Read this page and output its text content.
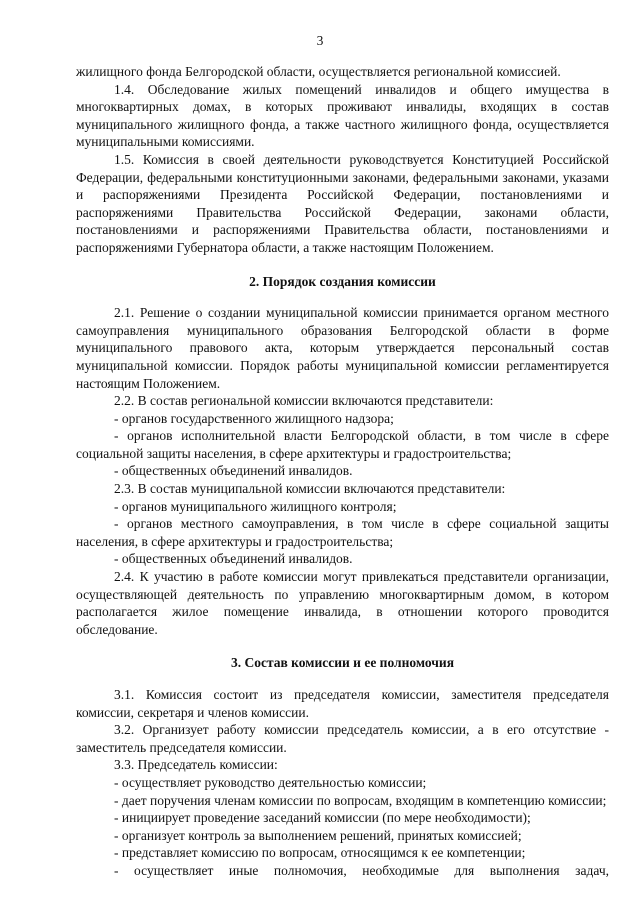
3

жилищного фонда Белгородской области, осуществляется региональной комиссией.

1.4. Обследование жилых помещений инвалидов и общего имущества в многоквартирных домах, в которых проживают инвалиды, входящих в состав муниципального жилищного фонда, а также частного жилищного фонда, осуществляется муниципальными комиссиями.

1.5. Комиссия в своей деятельности руководствуется Конституцией Российской Федерации, федеральными конституционными законами, федеральными законами, указами и распоряжениями Президента Российской Федерации, постановлениями и распоряжениями Правительства Российской Федерации, законами области, постановлениями и распоряжениями Правительства области, постановлениями и распоряжениями Губернатора области, а также настоящим Положением.

2. Порядок создания комиссии

2.1. Решение о создании муниципальной комиссии принимается органом местного самоуправления муниципального образования Белгородской области в форме муниципального правового акта, которым утверждается персональный состав муниципальной комиссии. Порядок работы муниципальной комиссии регламентируется настоящим Положением.

2.2. В состав региональной комиссии включаются представители:

- органов государственного жилищного надзора;

- органов исполнительной власти Белгородской области, в том числе в сфере социальной защиты населения, в сфере архитектуры и градостроительства;

- общественных объединений инвалидов.

2.3. В состав муниципальной комиссии включаются представители:

- органов муниципального жилищного контроля;

- органов местного самоуправления, в том числе в сфере социальной защиты населения, в сфере архитектуры и градостроительства;

- общественных объединений инвалидов.

2.4. К участию в работе комиссии могут привлекаться представители организации, осуществляющей деятельность по управлению многоквартирным домом, в котором располагается жилое помещение инвалида, в отношении которого проводится обследование.

3. Состав комиссии и ее полномочия

3.1. Комиссия состоит из председателя комиссии, заместителя председателя комиссии, секретаря и членов комиссии.

3.2. Организует работу комиссии председатель комиссии, а в его отсутствие - заместитель председателя комиссии.

3.3. Председатель комиссии:

- осуществляет руководство деятельностью комиссии;

- дает поручения членам комиссии по вопросам, входящим в компетенцию комиссии;

- инициирует проведение заседаний комиссии (по мере необходимости);

- организует контроль за выполнением решений, принятых комиссией;

- представляет комиссию по вопросам, относящимся к ее компетенции;

- осуществляет иные полномочия, необходимые для выполнения задач,
